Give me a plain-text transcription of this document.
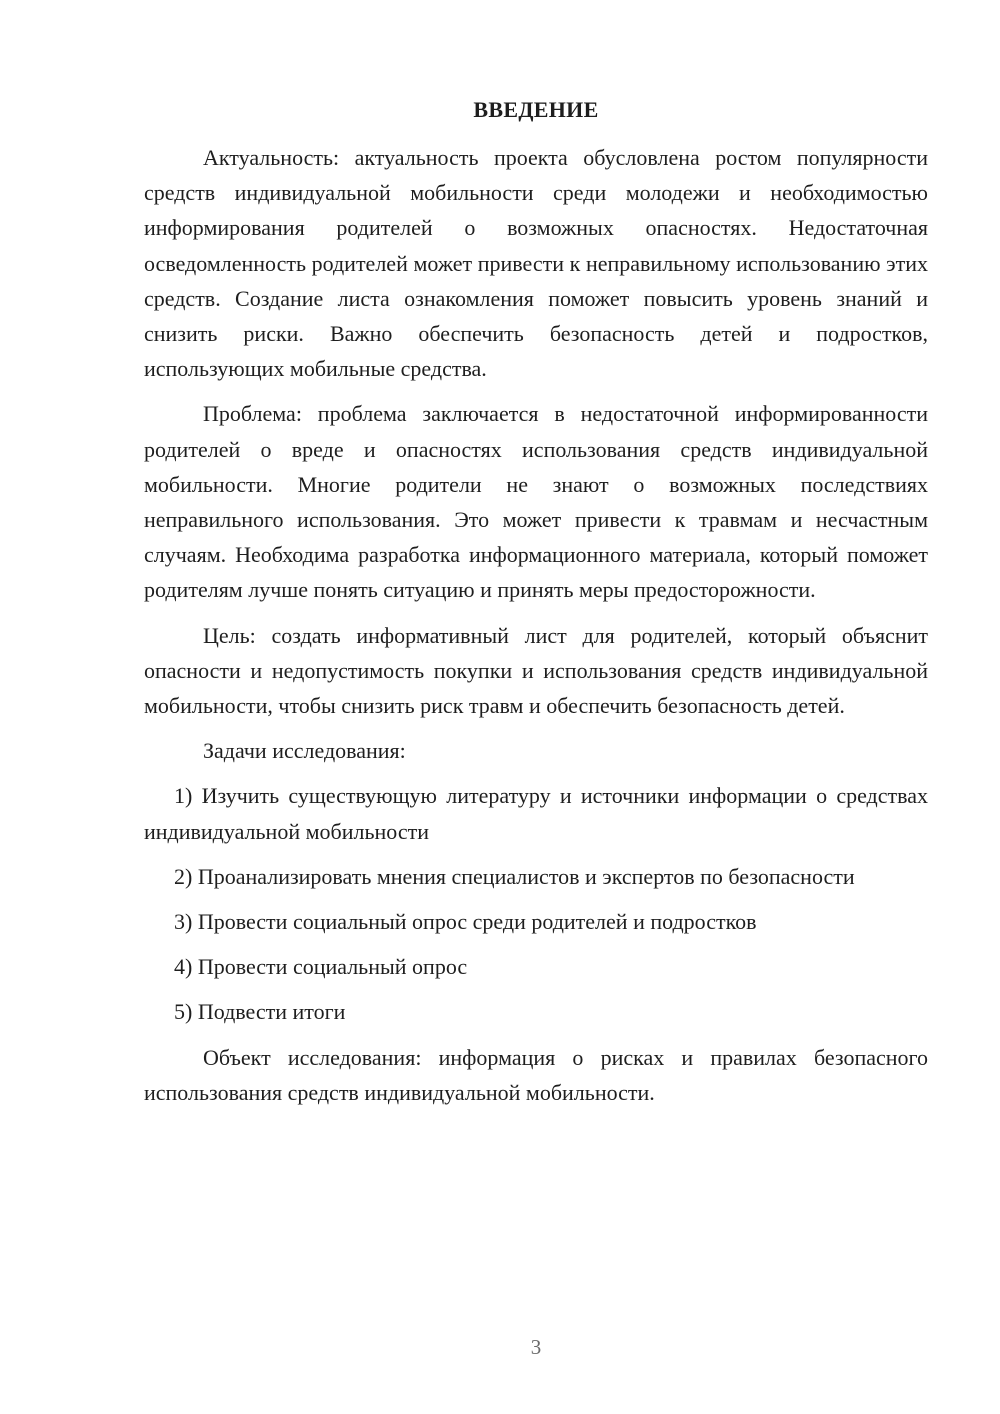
ВВЕДЕНИЕ

Актуальность: актуальность проекта обусловлена ростом популярности средств индивидуальной мобильности среди молодежи и необходимостью информирования родителей о возможных опасностях. Недостаточная осведомленность родителей может привести к неправильному использованию этих средств. Создание листа ознакомления поможет повысить уровень знаний и снизить риски. Важно обеспечить безопасность детей и подростков, использующих мобильные средства.

Проблема: проблема заключается в недостаточной информированности родителей о вреде и опасностях использования средств индивидуальной мобильности. Многие родители не знают о возможных последствиях неправильного использования. Это может привести к травмам и несчастным случаям. Необходима разработка информационного материала, который поможет родителям лучше понять ситуацию и принять меры предосторожности.

Цель: создать информативный лист для родителей, который объяснит опасности и недопустимость покупки и использования средств индивидуальной мобильности, чтобы снизить риск травм и обеспечить безопасность детей.

Задачи исследования:

1) Изучить существующую литературу и источники информации о средствах индивидуальной мобильности

2) Проанализировать мнения специалистов и экспертов по безопасности

3) Провести социальный опрос среди родителей и подростков

4) Провести социальный опрос

5) Подвести итоги

Объект исследования: информация о рисках и правилах безопасного использования средств индивидуальной мобильности.

3
